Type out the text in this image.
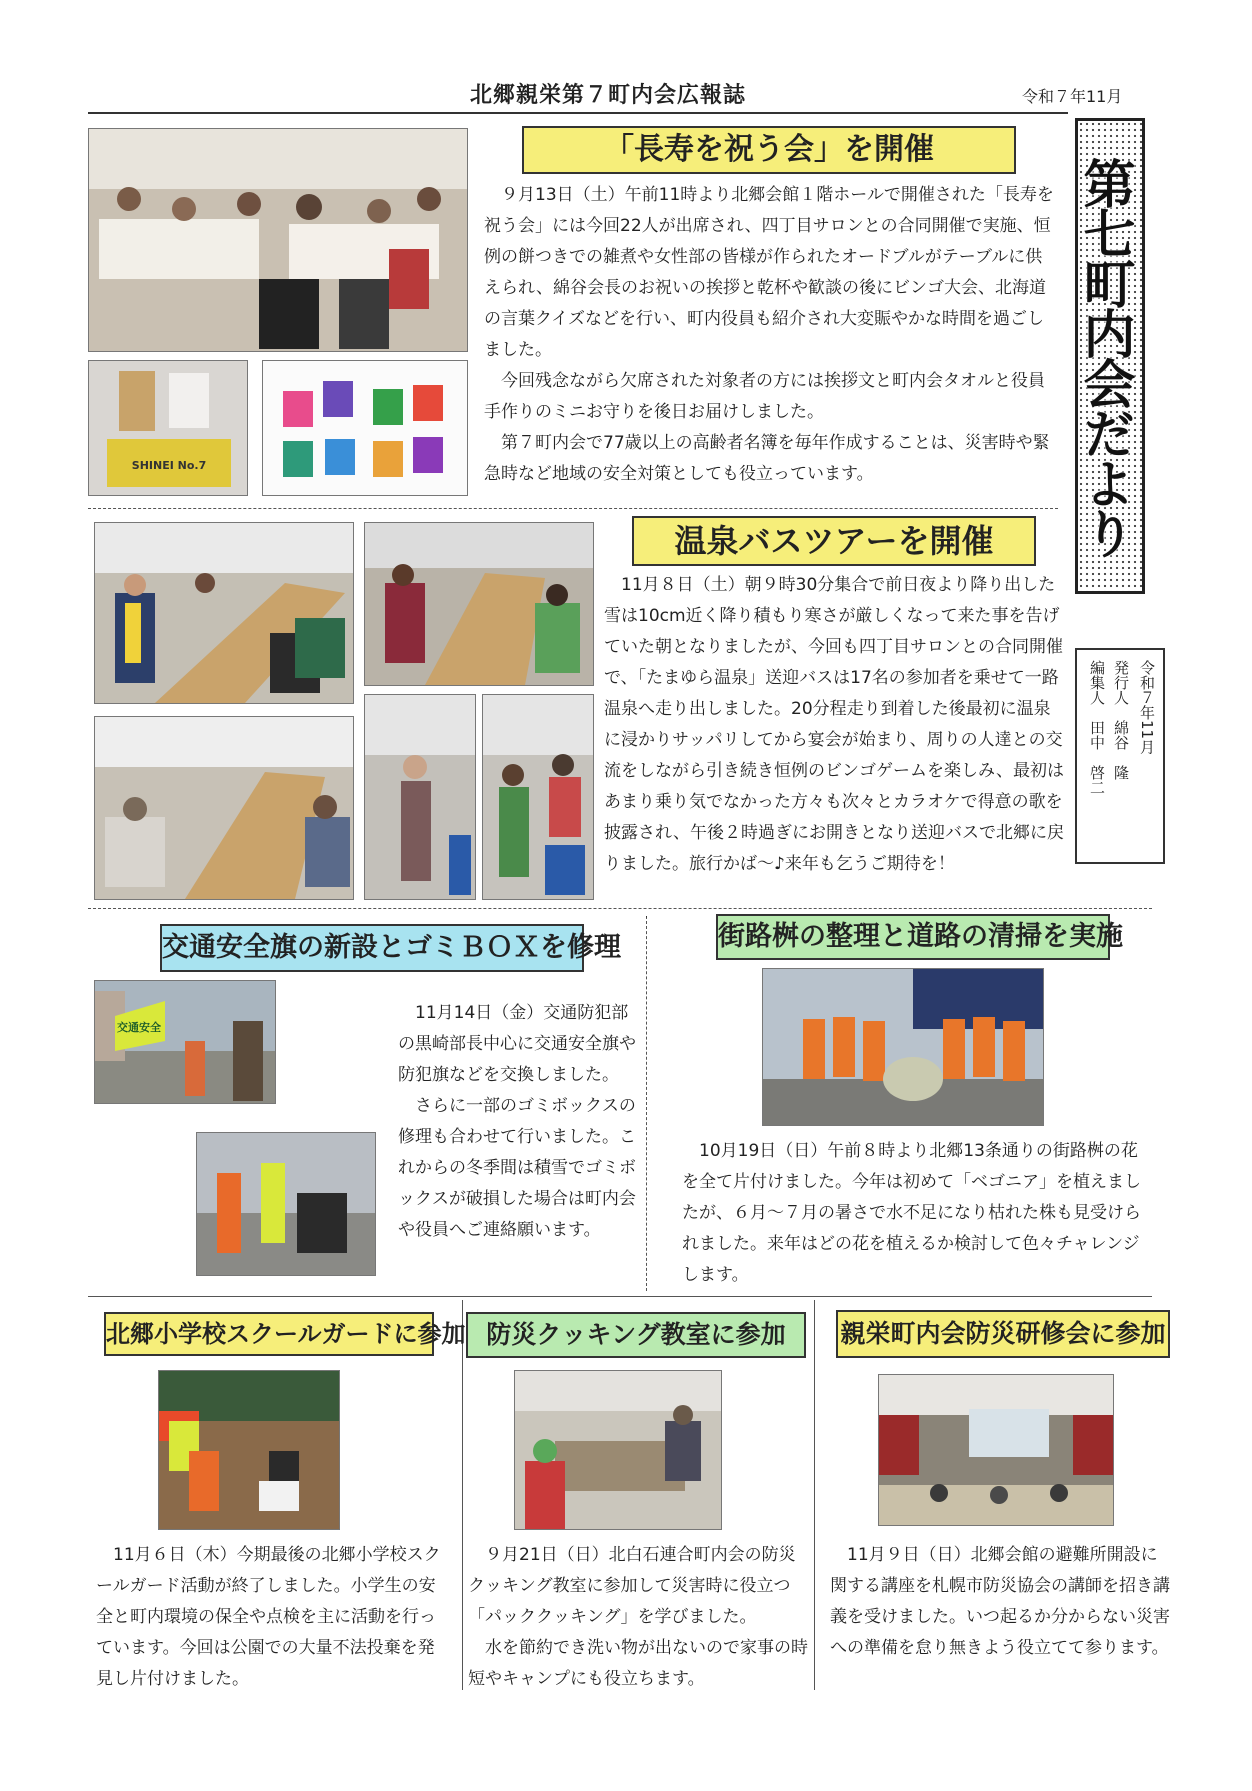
北郷親栄第７町内会広報誌	令和７年11月
第七町内会だより
令和７年11月
発行人　綿谷　隆
編集人　田中　啓二
SHINEI No.7
「長寿を祝う会」を開催

　９月13日（土）午前11時より北郷会館１階ホールで開催された「長寿を祝う会」には今回22人が出席され、四丁目サロンとの合同開催で実施、恒例の餅つきでの雑煮や女性部の皆様が作られたオードブルがテーブルに供えられ、綿谷会長のお祝いの挨拶と乾杯や歓談の後にビンゴ大会、北海道の言葉クイズなどを行い、町内役員も紹介され大変賑やかな時間を過ごしました。

　今回残念ながら欠席された対象者の方には挨拶文と町内会タオルと役員手作りのミニお守りを後日お届けしました。

　第７町内会で77歳以上の高齢者名簿を毎年作成することは、災害時や緊急時など地域の安全対策としても役立っています。

温泉バスツアーを開催

　11月８日（土）朝９時30分集合で前日夜より降り出した雪は10cm近く降り積もり寒さが厳しくなって来た事を告げていた朝となりましたが、今回も四丁目サロンとの合同開催で、「たまゆら温泉」送迎バスは17名の参加者を乗せて一路温泉へ走り出しました。20分程走り到着した後最初に温泉に浸かりサッパリしてから宴会が始まり、周りの人達との交流をしながら引き続き恒例のビンゴゲームを楽しみ、最初はあまり乗り気でなかった方々も次々とカラオケで得意の歌を披露され、午後２時過ぎにお開きとなり送迎バスで北郷に戻りました。旅行かば～♪来年も乞うご期待を！

交通安全旗の新設とゴミＢＯＸを修理
交通安全

　11月14日（金）交通防犯部の黒崎部長中心に交通安全旗や防犯旗などを交換しました。

　さらに一部のゴミボックスの修理も合わせて行いました。これからの冬季間は積雪でゴミボックスが破損した場合は町内会や役員へご連絡願います。

街路桝の整理と道路の清掃を実施

　10月19日（日）午前８時より北郷13条通りの街路桝の花を全て片付けました。今年は初めて「ベゴニア」を植えましたが、６月～７月の暑さで水不足になり枯れた株も見受けられました。来年はどの花を植えるか検討して色々チャレンジします。

北郷小学校スクールガードに参加

　11月６日（木）今期最後の北郷小学校スクールガード活動が終了しました。小学生の安全と町内環境の保全や点検を主に活動を行っています。今回は公園での大量不法投棄を発見し片付けました。

防災クッキング教室に参加

　９月21日（日）北白石連合町内会の防災クッキング教室に参加して災害時に役立つ「パッククッキング」を学びました。

　水を節約でき洗い物が出ないので家事の時短やキャンプにも役立ちます。

親栄町内会防災研修会に参加

　11月９日（日）北郷会館の避難所開設に関する講座を札幌市防災協会の講師を招き講義を受けました。いつ起るか分からない災害への準備を怠り無きよう役立てて参ります。
